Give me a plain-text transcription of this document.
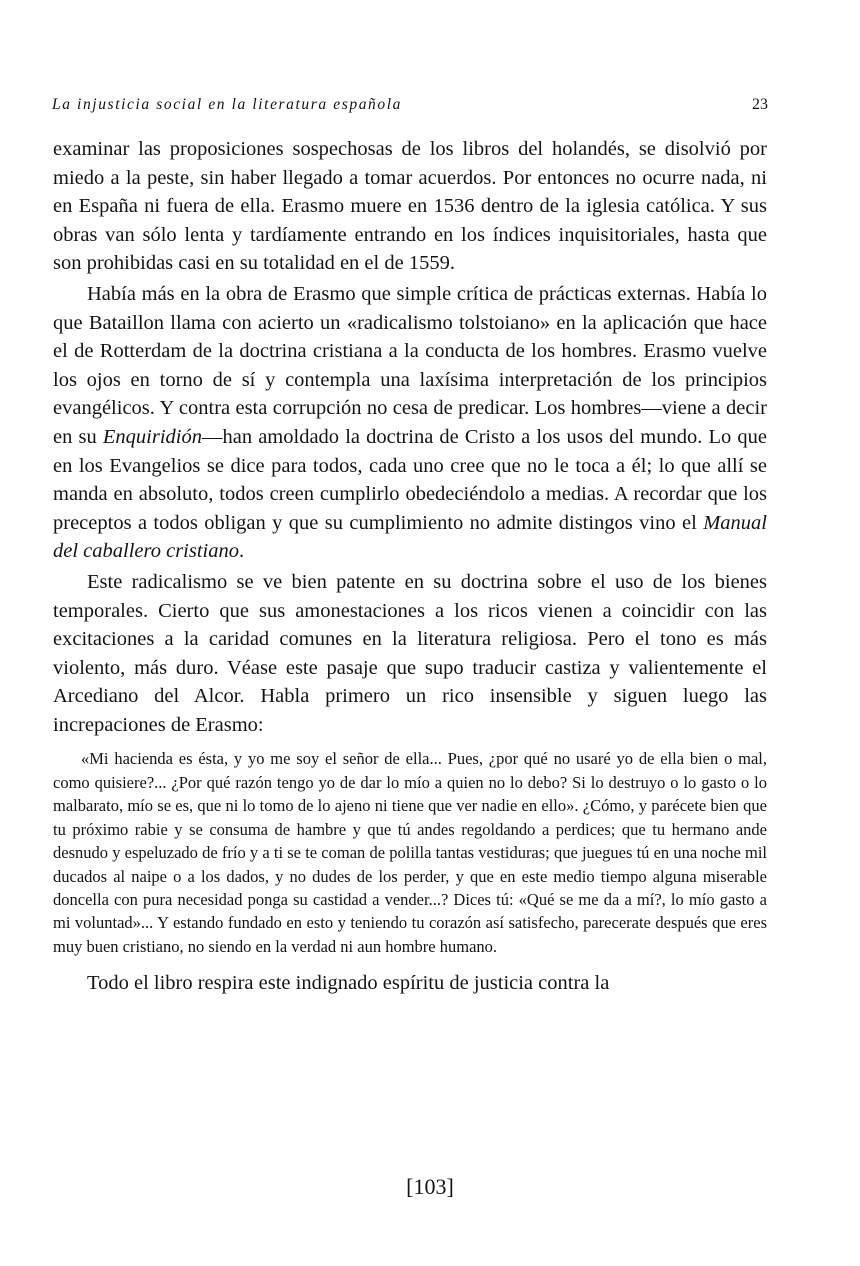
La injusticia social en la literatura española	23

examinar las proposiciones sospechosas de los libros del holandés, se disolvió por miedo a la peste, sin haber llegado a tomar acuerdos. Por entonces no ocurre nada, ni en España ni fuera de ella. Erasmo muere en 1536 dentro de la iglesia católica. Y sus obras van sólo lenta y tardíamente entrando en los índices inquisitoriales, hasta que son prohibidas casi en su totalidad en el de 1559.

Había más en la obra de Erasmo que simple crítica de prácticas externas. Había lo que Bataillon llama con acierto un «radicalismo tolstoiano» en la aplicación que hace el de Rotterdam de la doctrina cristiana a la conducta de los hombres. Erasmo vuelve los ojos en torno de sí y contempla una laxísima interpretación de los principios evangélicos. Y contra esta corrupción no cesa de predicar. Los hombres—viene a decir en su Enquiridión—han amoldado la doctrina de Cristo a los usos del mundo. Lo que en los Evangelios se dice para todos, cada uno cree que no le toca a él; lo que allí se manda en absoluto, todos creen cumplirlo obedeciéndolo a medias. A recordar que los preceptos a todos obligan y que su cumplimiento no admite distingos vino el Manual del caballero cristiano.

Este radicalismo se ve bien patente en su doctrina sobre el uso de los bienes temporales. Cierto que sus amonestaciones a los ricos vienen a coincidir con las excitaciones a la caridad comunes en la literatura religiosa. Pero el tono es más violento, más duro. Véase este pasaje que supo traducir castiza y valientemente el Arcediano del Alcor. Habla primero un rico insensible y siguen luego las increpaciones de Erasmo:

«Mi hacienda es ésta, y yo me soy el señor de ella... Pues, ¿por qué no usaré yo de ella bien o mal, como quisiere?... ¿Por qué razón tengo yo de dar lo mío a quien no lo debo? Si lo destruyo o lo gasto o lo malbarato, mío se es, que ni lo tomo de lo ajeno ni tiene que ver nadie en ello». ¿Cómo, y parécete bien que tu próximo rabie y se consuma de hambre y que tú andes regoldando a perdices; que tu hermano ande desnudo y espeluzado de frío y a ti se te coman de polilla tantas vestiduras; que juegues tú en una noche mil ducados al naipe o a los dados, y no dudes de los perder, y que en este medio tiempo alguna miserable doncella con pura necesidad ponga su castidad a vender...? Dices tú: «Qué se me da a mí?, lo mío gasto a mi voluntad»... Y estando fundado en esto y teniendo tu corazón así satisfecho, parecerate después que eres muy buen cristiano, no siendo en la verdad ni aun hombre humano.

Todo el libro respira este indignado espíritu de justicia contra la

[103]
